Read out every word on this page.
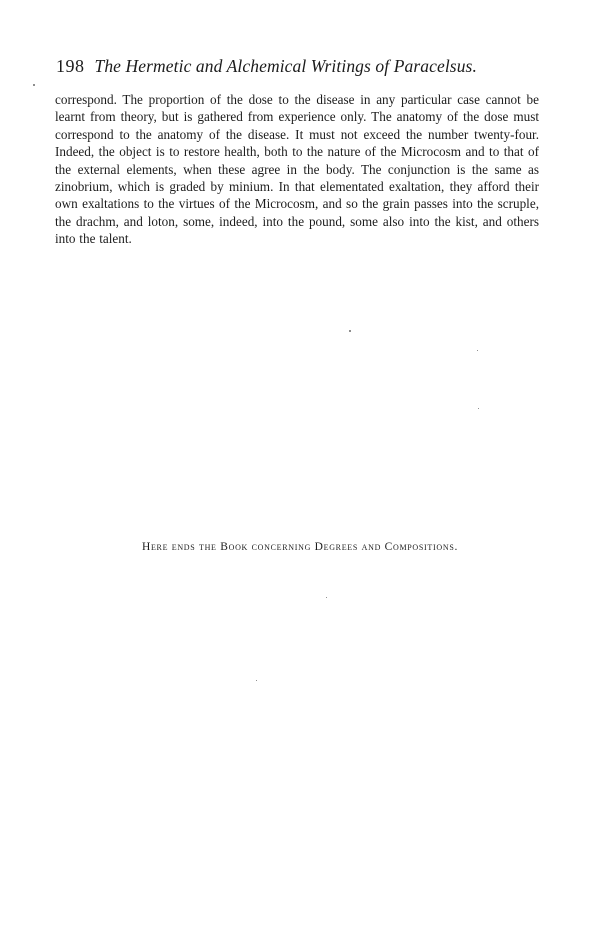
198 The Hermetic and Alchemical Writings of Paracelsus.

correspond. The proportion of the dose to the disease in any particular case cannot be learnt from theory, but is gathered from experience only. The anatomy of the dose must correspond to the anatomy of the disease. It must not exceed the number twenty-four. Indeed, the object is to restore health, both to the nature of the Microcosm and to that of the external elements, when these agree in the body. The conjunction is the same as zinobrium, which is graded by minium. In that elementated exaltation, they afford their own exaltations to the virtues of the Microcosm, and so the grain passes into the scruple, the drachm, and loton, some, indeed, into the pound, some also into the kist, and others into the talent.

Here ends the Book concerning Degrees and Compositions.
